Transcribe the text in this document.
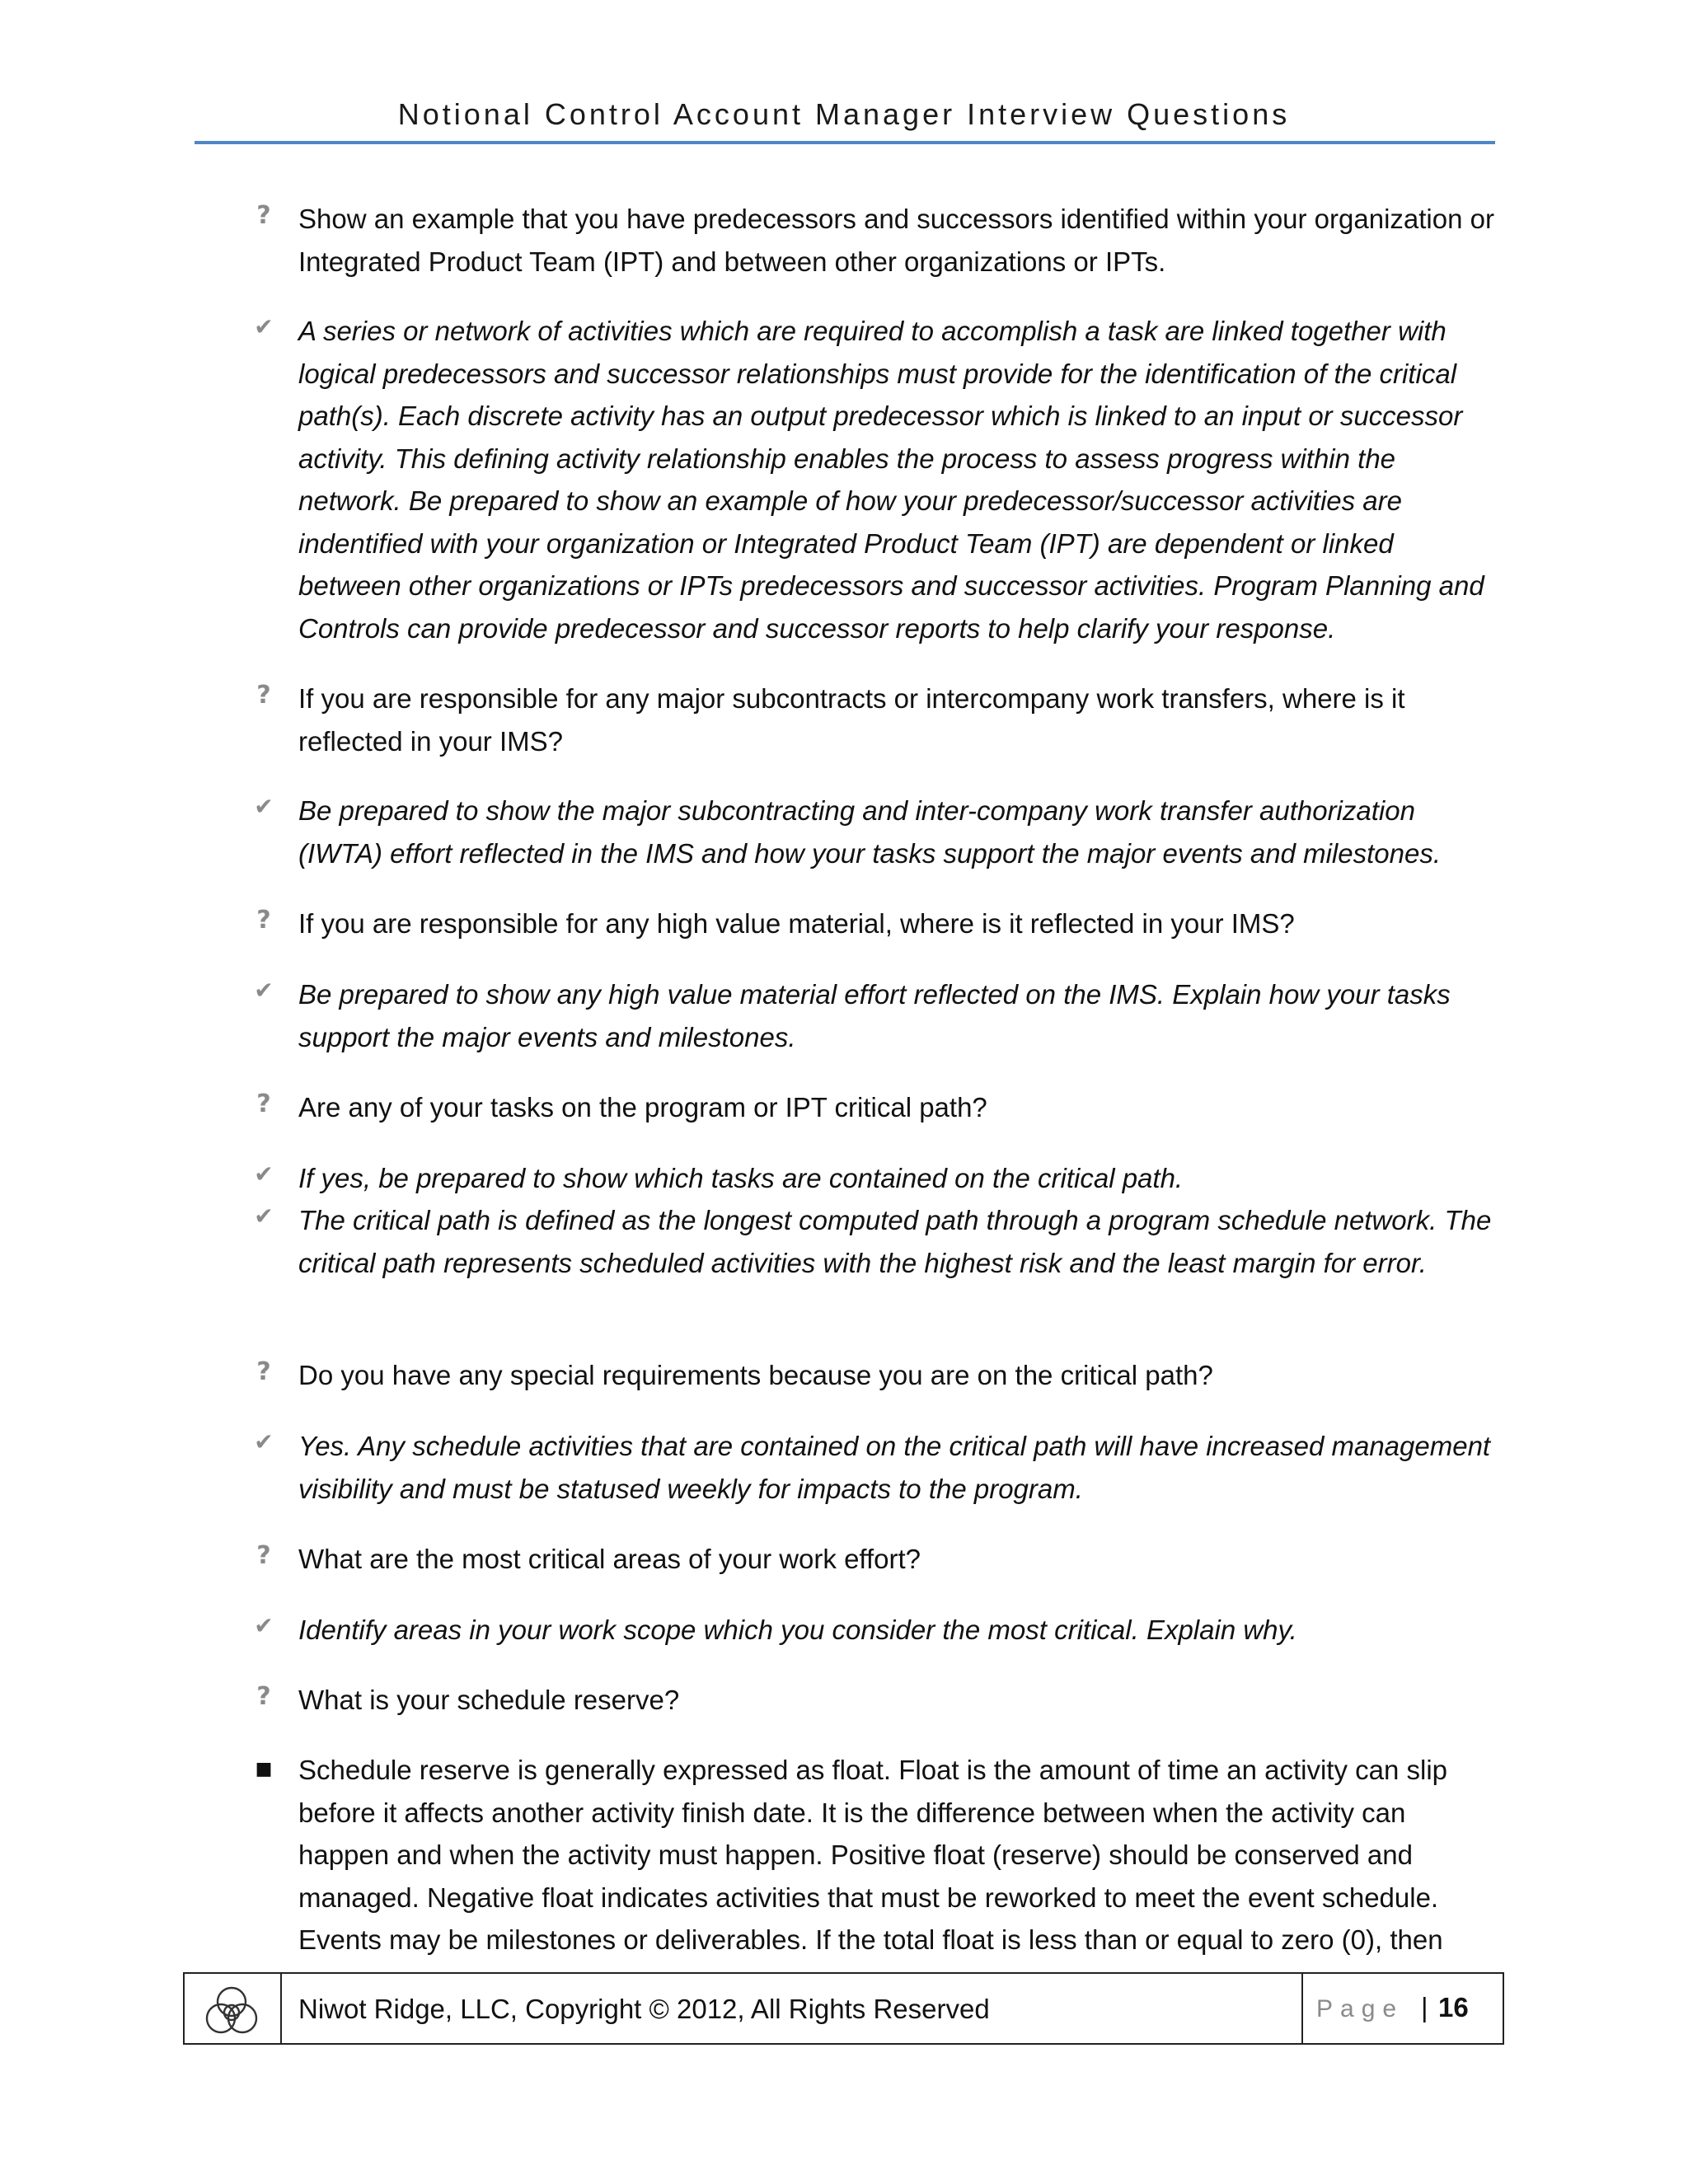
Notional Control Account Manager Interview Questions
?	Show an example that you have predecessors and successors identified within your organization or Integrated Product Team (IPT) and between other organizations or IPTs.
✔ A series or network of activities which are required to accomplish a task are linked together with logical predecessors and successor relationships must provide for the identification of the critical path(s). Each discrete activity has an output predecessor which is linked to an input or successor activity. This defining activity relationship enables the process to assess progress within the network. Be prepared to show an example of how your predecessor/successor activities are indentified with your organization or Integrated Product Team (IPT) are dependent or linked between other organizations or IPTs predecessors and successor activities. Program Planning and Controls can provide predecessor and successor reports to help clarify your response.
?	If you are responsible for any major subcontracts or intercompany work transfers, where is it reflected in your IMS?
✔ Be prepared to show the major subcontracting and inter-company work transfer authorization (IWTA) effort reflected in the IMS and how your tasks support the major events and milestones.
?	If you are responsible for any high value material, where is it reflected in your IMS?
✔ Be prepared to show any high value material effort reflected on the IMS. Explain how your tasks support the major events and milestones.
?	Are any of your tasks on the program or IPT critical path?
✔ If yes, be prepared to show which tasks are contained on the critical path.
✔ The critical path is defined as the longest computed path through a program schedule network. The critical path represents scheduled activities with the highest risk and the least margin for error.
?	Do you have any special requirements because you are on the critical path?
✔ Yes. Any schedule activities that are contained on the critical path will have increased management visibility and must be statused weekly for impacts to the program.
?	What are the most critical areas of your work effort?
✔ Identify areas in your work scope which you consider the most critical. Explain why.
?	What is your schedule reserve?
■ Schedule reserve is generally expressed as float. Float is the amount of time an activity can slip before it affects another activity finish date. It is the difference between when the activity can happen and when the activity must happen. Positive float (reserve) should be conserved and managed. Negative float indicates activities that must be reworked to meet the event schedule. Events may be milestones or deliverables. If the total float is less than or equal to zero (0), then
Niwot Ridge, LLC, Copyright © 2012, All Rights Reserved	Page | 16
